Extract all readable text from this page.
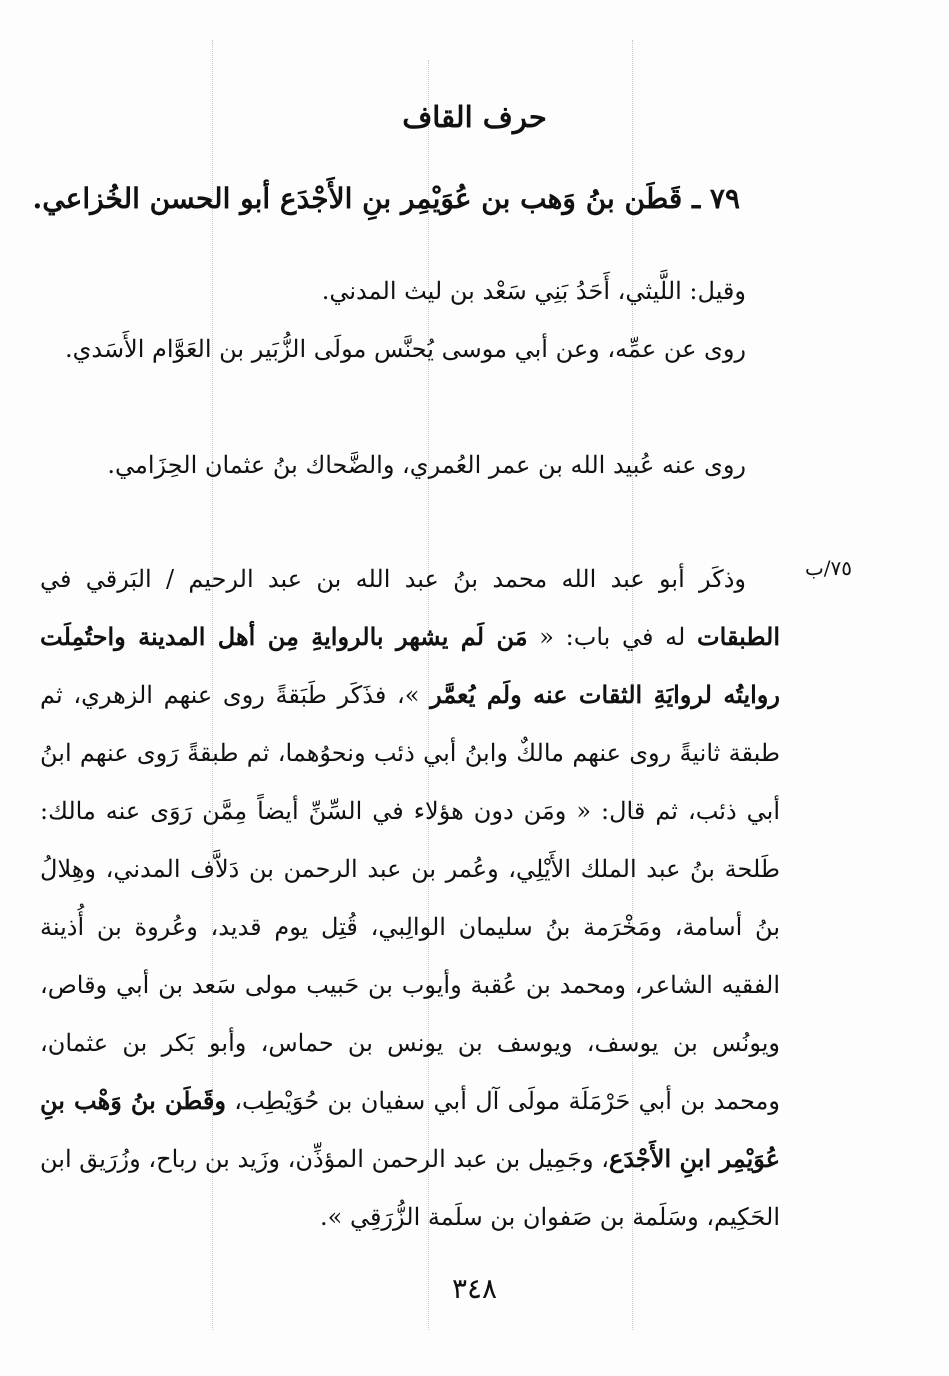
حرف القاف
٧٩ ـ قَطَن بنُ وَهب بن عُوَيْمِر بنِ الأَجْدَع أبو الحسن الخُزاعي.
وقيل: اللَّيثي، أَحَدُ بَنِي سَعْد بن ليث المدني.
روى عن عمِّه، وعن أبي موسى يُحنَّس مولَى الزُّبَير بن العَوَّام الأَسَدي.
روى عنه عُبيد الله بن عمر العُمري، والضَّحاك بنُ عثمان الحِزَامي.
٧٥/ب
وذكَر أبو عبد الله محمد بنُ عبد الله بن عبد الرحيم / البَرقي في الطبقات له في باب: « مَن لَم يشهر بالروايةِ مِن أهل المدينة واحتُمِلَت روايتُه لروايَةِ الثقات عنه ولَم يُعمَّر »، فذَكَر طَبَقةً روى عنهم الزهري، ثم طبقة ثانيةً روى عنهم مالكٌ وابنُ أبي ذئب ونحوُهما، ثم طبقةً رَوى عنهم ابنُ أبي ذئب، ثم قال: « ومَن دون هؤلاء في السِّنِّ أيضاً مِمَّن رَوَى عنه مالك: طَلحة بنُ عبد الملك الأَيْلِي، وعُمر بن عبد الرحمن بن دَلاَّف المدني، وهِلالُ بنُ أسامة، ومَخْرَمة بنُ سليمان الوالِبي، قُتِل يوم قديد، وعُروة بن أُذينة الفقيه الشاعر، ومحمد بن عُقبة وأيوب بن حَبيب مولى سَعد بن أبي وقاص، ويونُس بن يوسف، ويوسف بن يونس بن حماس، وأبو بَكر بن عثمان، ومحمد بن أبي حَرْمَلَة مولَى آل أبي سفيان بن حُوَيْطِب، وقَطَن بنُ وَهْب بنِ عُوَيْمِر ابنِ الأَجْدَع، وجَمِيل بن عبد الرحمن المؤذِّن، وزَيد بن رباح، وزُرَيق ابن الحَكِيم، وسَلَمة بن صَفوان بن سلَمة الزُّرَقِي ».
٣٤٨
